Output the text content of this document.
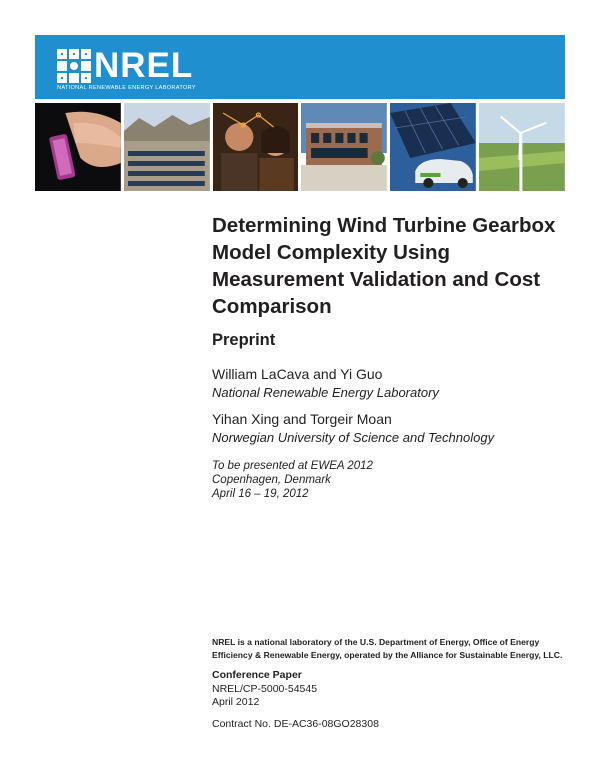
NREL
NATIONAL RENEWABLE ENERGY LABORATORY
Determining Wind Turbine Gearbox Model Complexity Using Measurement Validation and Cost Comparison
Preprint
William LaCava and Yi Guo
National Renewable Energy Laboratory
Yihan Xing and Torgeir Moan
Norwegian University of Science and Technology
To be presented at EWEA 2012
Copenhagen, Denmark
April 16 – 19, 2012
NREL is a national laboratory of the U.S. Department of Energy, Office of Energy Efficiency & Renewable Energy, operated by the Alliance for Sustainable Energy, LLC.
Conference Paper
NREL/CP-5000-54545
April 2012
Contract No. DE-AC36-08GO28308
